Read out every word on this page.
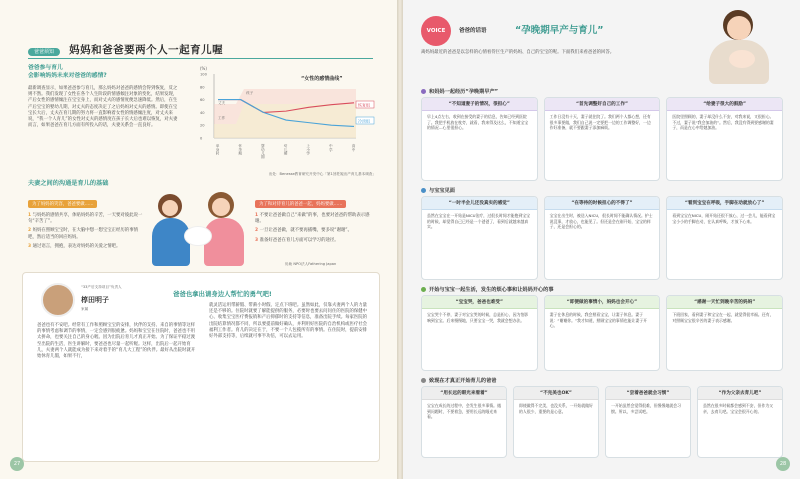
爸爸须知 妈妈和爸爸要两个人一起育儿喔
爸爸参与育儿
会影响妈妈未来对爸爸的感情?
最新调查显示，如果爸爸参与育儿，那么妈妈对爸爸的感情会得到恢复，反之则不然。我们发现了女性在各个人生阶段的情感倾注对象的变化，结果发现，产后女性的感情倾注在宝宝身上，而对丈夫的感情度便急速降低。然后，在生产后宝宝的婴幼儿期，对丈夫的态度决定了之后妈妈对丈夫的感情。即使在宝宝长大后，丈夫在育儿期的努力将一直影响着女性的情感倾注度，对丈夫来说，“我一个人育儿”的女性对丈夫的感情度在孩子长大后也难以恢复，对夫妻而言，如果爸爸在育儿方面有所投入的话，夫妻关系会一直良好。
(%)
100
80
60
40
20
0
“女性的感情曲线”
恢复组
冷淡组
工作
丈夫
孩子
单身时	怀孕期	婴幼儿期	幼儿期	上小学	中学	高中
出处：Benesse教育研究开发中心「第1回妊娠出产育儿基本调查」
夫妻之间的沟通是育儿的基础
为了妈妈的笑容，爸爸要做……
1 与妈妈的感情共享，体贴妈妈的辛苦，一天要对彼此说一句“辛苦了”。
2 妈妈在照顾宝宝时，在大脑中想一想宝宝正经历的事情吧，然后适当的回应妈妈。
3 通过语言，拥抱，表达对妈妈的关爱之情吧。
为了和对待育儿的爸爸一起，妈妈要做……
1 不要让爸爸做自己“来做”的事，也要对爸爸的帮助表示感谢。
2 一旦让爸爸做，就不要再插嘴，要多说“谢谢”。
3 准备好爸爸在育儿方面可以学习的途径。
协助 NPO法人Fathering Japan
“33产后支持项目”负责人
椁田明子
家属
爸爸也拿出请身边人帮忙的勇气吧!
爸爸也有不安吧。经常有工作和照顾宝宝的安排，伙伴的支持、来自的事情等这样的事情考虑和调节的事情，一定会感到很疲惫。妈妈和宝宝在住院时，爸爸也不用太拼命，也要关注自己的身心喔。因为出院后育儿才真正开始。为了保证平稳过渡至出院的生活，医生讲解时，要爸爸也尽量一起听喔。这样，出院后一起开始育儿，夫妻两个人就能成为接下来对着手的“育儿大工程”的伙伴。最好从出院时就开始休育儿假，如果不行，
就灵活运用带薪假、带薪小时假、定点下班吧。虽然如此，仅靠夫妻两个人的力量还是不够的。住院时就要了解能提供的服务，必要时也要去问问住的医院的保健中心、收集宝宝医疗费报销和产后抑郁时的支持等信息，准备出院手续。每家医院的出院结算情况都不同，所以要提前做好确认，并利用好医院的自治机构或医疗社会福利工作者。育儿的决定在于，不要一个人包揽所有的事情。在住院时，提前安排好外部支持等，后续就可事半功倍，可以去运用。
27
VOICE	爸爸的话语	“孕晚期早产与育儿”
离妈妈最近的爸爸是以怎样的心情看待巨生产的妈妈、自己的宝宝的呢。下面我们来看爸爸的回答。
和妈妈一起经历“孕晚期早产”
“不知道妻子的情况，很担心”
早上4点左右，收到在接受的妻子的信息，告知已经到医院了。我把手机放在枕旁，就看，我来得及这么，不知道宝宝的情况…心里很担心。
“首先调整好自己的工作”
工作日没有十天，妻子就住院了。我们两个人都心想，还有很多事要做，我们自己说一定要把一边的工作调整好，一边作好准备，就不要跟妻子添加麻烦。
“给妻子很大的鼓励”
医院里照顾的，妻子却没什么不安，对我来说，又很担心。不过，妻子说“我会加油的”。然后，我没有得到要感谢的妻子，而是在心中给她加油。
与宝宝见面
“一时半会儿还没真实的感觉”
虽然在宝宝在一开始是NICU治疗，过很长时间才能抱到宝宝的时候，却觉得自己已经是一个爸爸了，看到后就越来越真实。
“在等待的时候担心的不得了”
宝宝在出生时，被送入NICU，很长时间不能确认情况。护士说没事，才放心，也能见了。但还是会在刚开始，宝宝的样子，还是会担心的。
“看到宝宝在呼吸，手脚在动就放心了”
看到宝宝在NICU，刚开始还很不放心，过一会儿，能看到宝宝小小的手脚在动，在认真呼吸，才放下心来。
开始与宝宝一起生活，发生的烦心事和让妈妈开心的事
“宝宝哭，爸爸也难受”
宝宝哭个不停，妻子对宝宝哭的时候，总是担心，因为怕影响到宝宝。后来慢慢地，只要宝宝一哭，我就会想办法。
“即便做的事情小，妈妈也会开心”
妻子在休息的时候，我会照看宝宝，让妻子休息。妻子说：“谢谢你。”我才知道，照顾宝宝的事情也能让妻子开心。
“感谢一天忙到晚辛苦的妈妈”
下班回家，看到妻子和宝宝在一起，就觉得很幸福。还有，对照顾宝宝很辛苦的妻子表示感谢。
致现在才真正开始育儿的爸爸
“用长远的眼光来看着”
宝宝在成长的过程中，会发生很多事情。遇到问题时，不要着急，要用长远的眼光来看。
“不完美也OK”
即使做得不完美，也没关系，一开始就做好的人很少，重要的是心意。
“尝着爸爸就会习惯”
一开始虽然会觉得很难，但慢慢地就会习惯。所以，多尝试吧。
“作为父亲去育儿吧”
虽然在很多时候都会感到不安，但作为父亲，去育儿吧。宝宝会很开心的。
28
